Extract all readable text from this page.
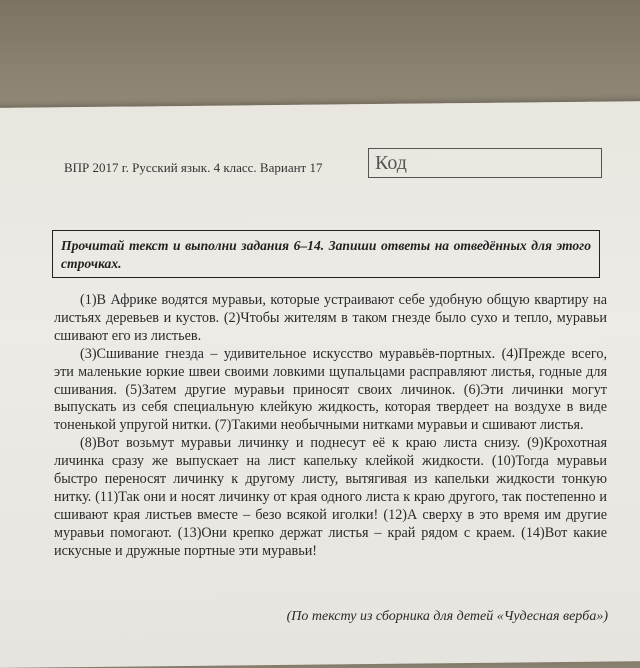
ВПР 2017 г. Русский язык. 4 класс. Вариант 17	Код
Прочитай текст и выполни задания 6–14. Запиши ответы на отведённых для этого строчках.

(1)В Африке водятся муравьи, которые устраивают себе удобную общую квартиру на листьях деревьев и кустов. (2)Чтобы жителям в таком гнезде было сухо и тепло, муравьи сшивают его из листьев.

(3)Сшивание гнезда – удивительное искусство муравьёв-портных. (4)Прежде всего, эти маленькие юркие швеи своими ловкими щупальцами расправляют листья, годные для сшивания. (5)Затем другие муравьи приносят своих личинок. (6)Эти личинки могут выпускать из себя специальную клейкую жидкость, которая твердеет на воздухе в виде тоненькой упругой нитки. (7)Такими необычными нитками муравьи и сшивают листья.

(8)Вот возьмут муравьи личинку и поднесут её к краю листа снизу. (9)Крохотная личинка сразу же выпускает на лист капельку клейкой жидкости. (10)Тогда муравьи быстро переносят личинку к другому листу, вытягивая из капельки жидкости тонкую нитку. (11)Так они и носят личинку от края одного листа к краю другого, так постепенно и сшивают края листьев вместе – безо всякой иголки! (12)А сверху в это время им другие муравьи помогают. (13)Они крепко держат листья – край рядом с краем. (14)Вот какие искусные и дружные портные эти муравьи!

(По тексту из сборника для детей «Чудесная верба»)
